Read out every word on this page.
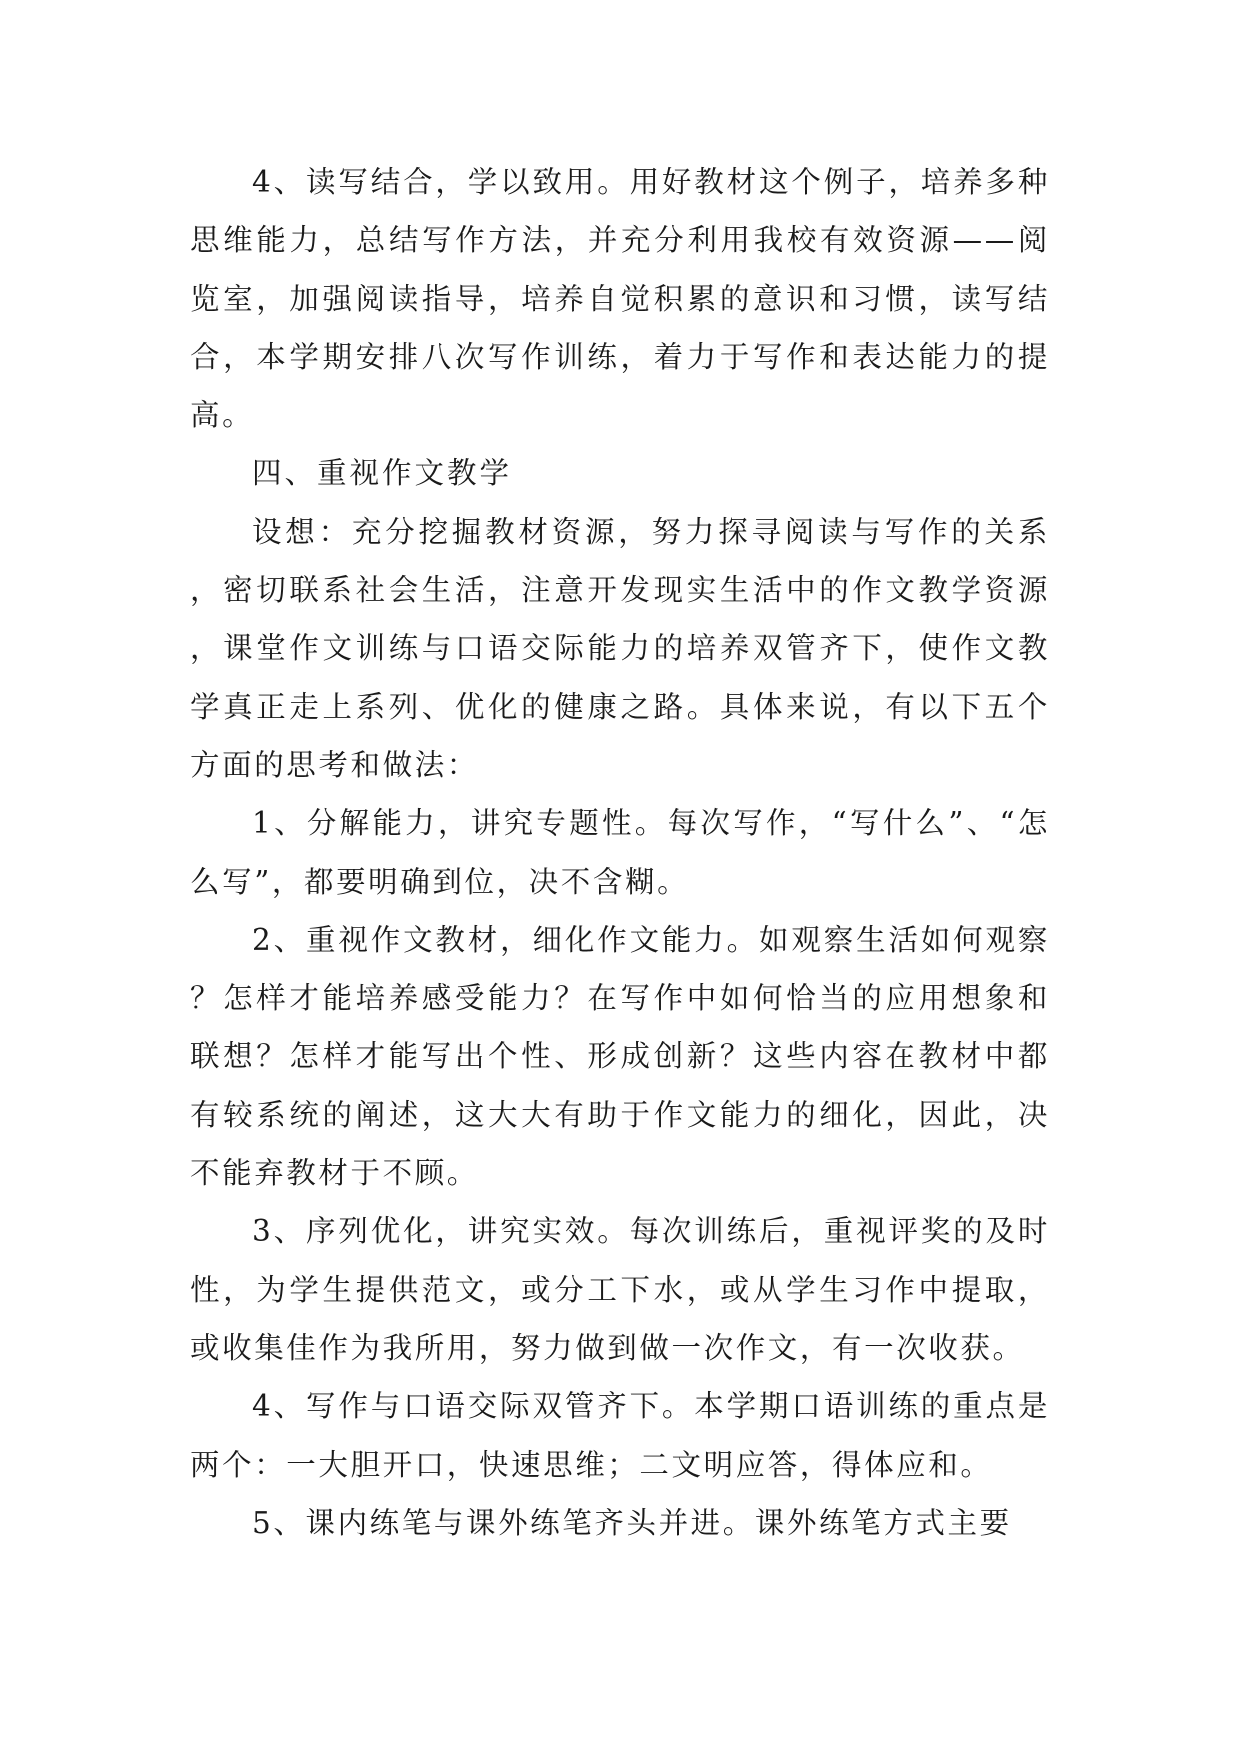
4、读写结合，学以致用。用好教材这个例子，培养多种思维能力，总结写作方法，并充分利用我校有效资源——阅览室，加强阅读指导，培养自觉积累的意识和习惯，读写结合，本学期安排八次写作训练，着力于写作和表达能力的提高。

四、重视作文教学

设想：充分挖掘教材资源，努力探寻阅读与写作的关系，密切联系社会生活，注意开发现实生活中的作文教学资源，课堂作文训练与口语交际能力的培养双管齐下，使作文教学真正走上系列、优化的健康之路。具体来说，有以下五个方面的思考和做法：

1、分解能力，讲究专题性。每次写作，“写什么”、“怎么写”，都要明确到位，决不含糊。

2、重视作文教材，细化作文能力。如观察生活如何观察？怎样才能培养感受能力？在写作中如何恰当的应用想象和联想？怎样才能写出个性、形成创新？这些内容在教材中都有较系统的阐述，这大大有助于作文能力的细化，因此，决不能弃教材于不顾。

3、序列优化，讲究实效。每次训练后，重视评奖的及时性，为学生提供范文，或分工下水，或从学生习作中提取，或收集佳作为我所用，努力做到做一次作文，有一次收获。

4、写作与口语交际双管齐下。本学期口语训练的重点是两个：一大胆开口，快速思维；二文明应答，得体应和。

5、课内练笔与课外练笔齐头并进。课外练笔方式主要
